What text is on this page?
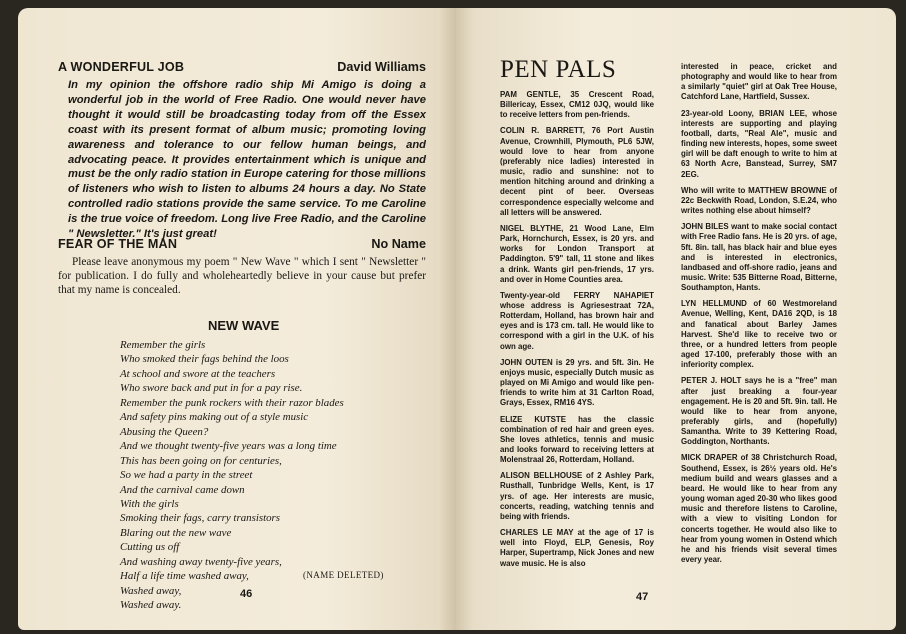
A WONDERFUL JOB	David Williams

In my opinion the offshore radio ship Mi Amigo is doing a wonderful job in the world of Free Radio. One would never have thought it would still be broadcasting today from off the Essex coast with its present format of album music; promoting loving awareness and tolerance to our fellow human beings, and advocating peace. It provides entertainment which is unique and must be the only radio station in Europe catering for those millions of listeners who wish to listen to albums 24 hours a day. No State controlled radio stations provide the same service. To me Caroline is the true voice of freedom. Long live Free Radio, and the Caroline " Newsletter." It's just great!

FEAR OF THE MAN	No Name

Please leave anonymous my poem " New Wave " which I sent " Newsletter " for publication. I do fully and wholeheartedly believe in your cause but prefer that my name is concealed.

NEW WAVE
Remember the girls
Who smoked their fags behind the loos
At school and swore at the teachers
Who swore back and put in for a pay rise.
Remember the punk rockers with their razor blades
And safety pins making out of a style music
Abusing the Queen?
And we thought twenty-five years was a long time
This has been going on for centuries,
So we had a party in the street
And the carnival came down
With the girls
Smoking their fags, carry transistors
Blaring out the new wave
Cutting us off
And washing away twenty-five years,
Half a life time washed away,
Washed away,
Washed away.
(NAME DELETED)
46
PEN PALS

PAM GENTLE, 35 Crescent Road, Billericay, Essex, CM12 0JQ, would like to receive letters from pen-friends.

COLIN R. BARRETT, 76 Port Austin Avenue, Crownhill, Plymouth, PL6 5JW, would love to hear from anyone (preferably nice ladies) interested in music, radio and sunshine: not to mention hitching around and drinking a decent pint of beer. Overseas correspondence especially welcome and all letters will be answered.

NIGEL BLYTHE, 21 Wood Lane, Elm Park, Hornchurch, Essex, is 20 yrs. and works for London Transport at Paddington. 5'9" tall, 11 stone and likes a drink. Wants girl pen-friends, 17 yrs. and over in Home Counties area.

Twenty-year-old FERRY NAHAPIET whose address is Agriesestraat 72A, Rotterdam, Holland, has brown hair and eyes and is 173 cm. tall. He would like to correspond with a girl in the U.K. of his own age.

JOHN OUTEN is 29 yrs. and 5ft. 3in. He enjoys music, especially Dutch music as played on Mi Amigo and would like pen-friends to write him at 31 Carlton Road, Grays, Essex, RM16 4YS.

ELIZE KUTSTE has the classic combination of red hair and green eyes. She loves athletics, tennis and music and looks forward to receiving letters at Molenstraal 26, Rotterdam, Holland.

ALISON BELLHOUSE of 2 Ashley Park, Rusthall, Tunbridge Wells, Kent, is 17 yrs. of age. Her interests are music, concerts, reading, watching tennis and being with friends.

CHARLES LE MAY at the age of 17 is well into Floyd, ELP, Genesis, Roy Harper, Supertramp, Nick Jones and new wave music. He is also

interested in peace, cricket and photography and would like to hear from a similarly "quiet" girl at Oak Tree House, Catchford Lane, Hartfield, Sussex.

23-year-old Loony, BRIAN LEE, whose interests are supporting and playing football, darts, "Real Ale", music and finding new interests, hopes, some sweet girl will be daft enough to write to him at 63 North Acre, Banstead, Surrey, SM7 2EG.

Who will write to MATTHEW BROWNE of 22c Beckwith Road, London, S.E.24, who writes nothing else about himself?

JOHN BILES want to make social contact with Free Radio fans. He is 20 yrs. of age, 5ft. 8in. tall, has black hair and blue eyes and is interested in electronics, landbased and off-shore radio, jeans and music. Write: 535 Bitterne Road, Bitterne, Southampton, Hants.

LYN HELLMUND of 60 Westmoreland Avenue, Welling, Kent, DA16 2QD, is 18 and fanatical about Barley James Harvest. She'd like to receive two or three, or a hundred letters from people aged 17-100, preferably those with an inferiority complex.

PETER J. HOLT says he is a "free" man after just breaking a four-year engagement. He is 20 and 5ft. 9in. tall. He would like to hear from anyone, preferably girls, and (hopefully) Samantha. Write to 39 Kettering Road, Goddington, Northants.

MICK DRAPER of 38 Christchurch Road, Southend, Essex, is 26½ years old. He's medium build and wears glasses and a beard. He would like to hear from any young woman aged 20-30 who likes good music and therefore listens to Caroline, with a view to visiting London for concerts together. He would also like to hear from young women in Ostend which he and his friends visit several times every year.

47
